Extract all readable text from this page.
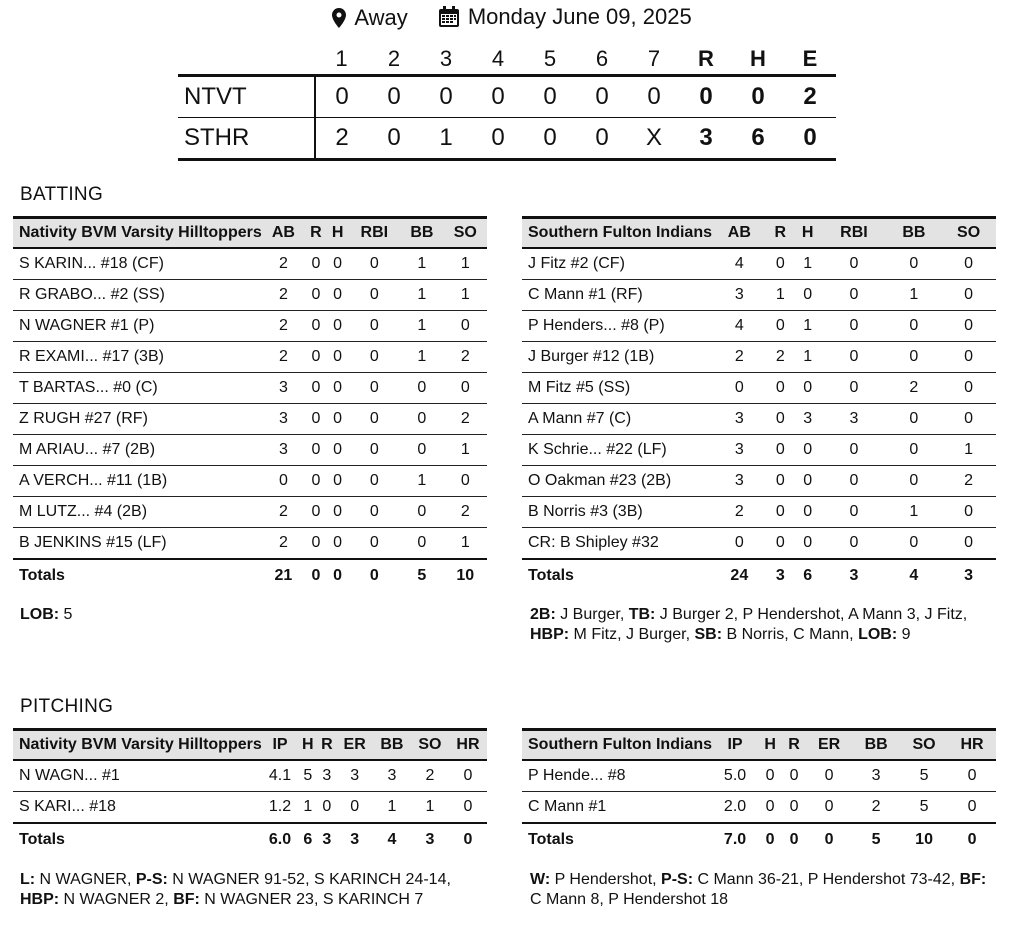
Away
	Monday June 09, 2025
	1	2	3	4	5	6	7	R	H	E
NTVT	0	0	0	0	0	0	0	0	0	2
STHR	2	0	1	0	0	0	X	3	6	0
BATTING
Nativity BVM Varsity Hilltoppers	AB	R	H	RBI	BB	SO
S KARIN... #18 (CF)	2	0	0	0	1	1
R GRABO... #2 (SS)	2	0	0	0	1	1
N WAGNER #1 (P)	2	0	0	0	1	0
R EXAMI... #17 (3B)	2	0	0	0	1	2
T BARTAS... #0 (C)	3	0	0	0	0	0
Z RUGH #27 (RF)	3	0	0	0	0	2
M ARIAU... #7 (2B)	3	0	0	0	0	1
A VERCH... #11 (1B)	0	0	0	0	1	0
M LUTZ... #4 (2B)	2	0	0	0	0	2
B JENKINS #15 (LF)	2	0	0	0	0	1
Totals	21	0	0	0	5	10
Southern Fulton Indians	AB	R	H	RBI	BB	SO
J Fitz #2 (CF)	4	0	1	0	0	0
C Mann #1 (RF)	3	1	0	0	1	0
P Henders... #8 (P)	4	0	1	0	0	0
J Burger #12 (1B)	2	2	1	0	0	0
M Fitz #5 (SS)	0	0	0	0	2	0
A Mann #7 (C)	3	0	3	3	0	0
K Schrie... #22 (LF)	3	0	0	0	0	1
O Oakman #23 (2B)	3	0	0	0	0	2
B Norris #3 (3B)	2	0	0	0	1	0
CR: B Shipley #32	0	0	0	0	0	0
Totals	24	3	6	3	4	3
LOB: 5	2B: J Burger, TB: J Burger 2, P Hendershot, A Mann 3, J Fitz, HBP: M Fitz, J Burger, SB: B Norris, C Mann, LOB: 9
PITCHING
Nativity BVM Varsity Hilltoppers	IP	H	R	ER	BB	SO	HR
N WAGN... #1	4.1	5	3	3	3	2	0
S KARI... #18	1.2	1	0	0	1	1	0
Totals	6.0	6	3	3	4	3	0
Southern Fulton Indians	IP	H	R	ER	BB	SO	HR
P Hende... #8	5.0	0	0	0	3	5	0
C Mann #1	2.0	0	0	0	2	5	0
Totals	7.0	0	0	0	5	10	0
L: N WAGNER, P-S: N WAGNER 91-52, S KARINCH 24-14, HBP: N WAGNER 2, BF: N WAGNER 23, S KARINCH 7
W: P Hendershot, P-S: C Mann 36-21, P Hendershot 73-42, BF: C Mann 8, P Hendershot 18
